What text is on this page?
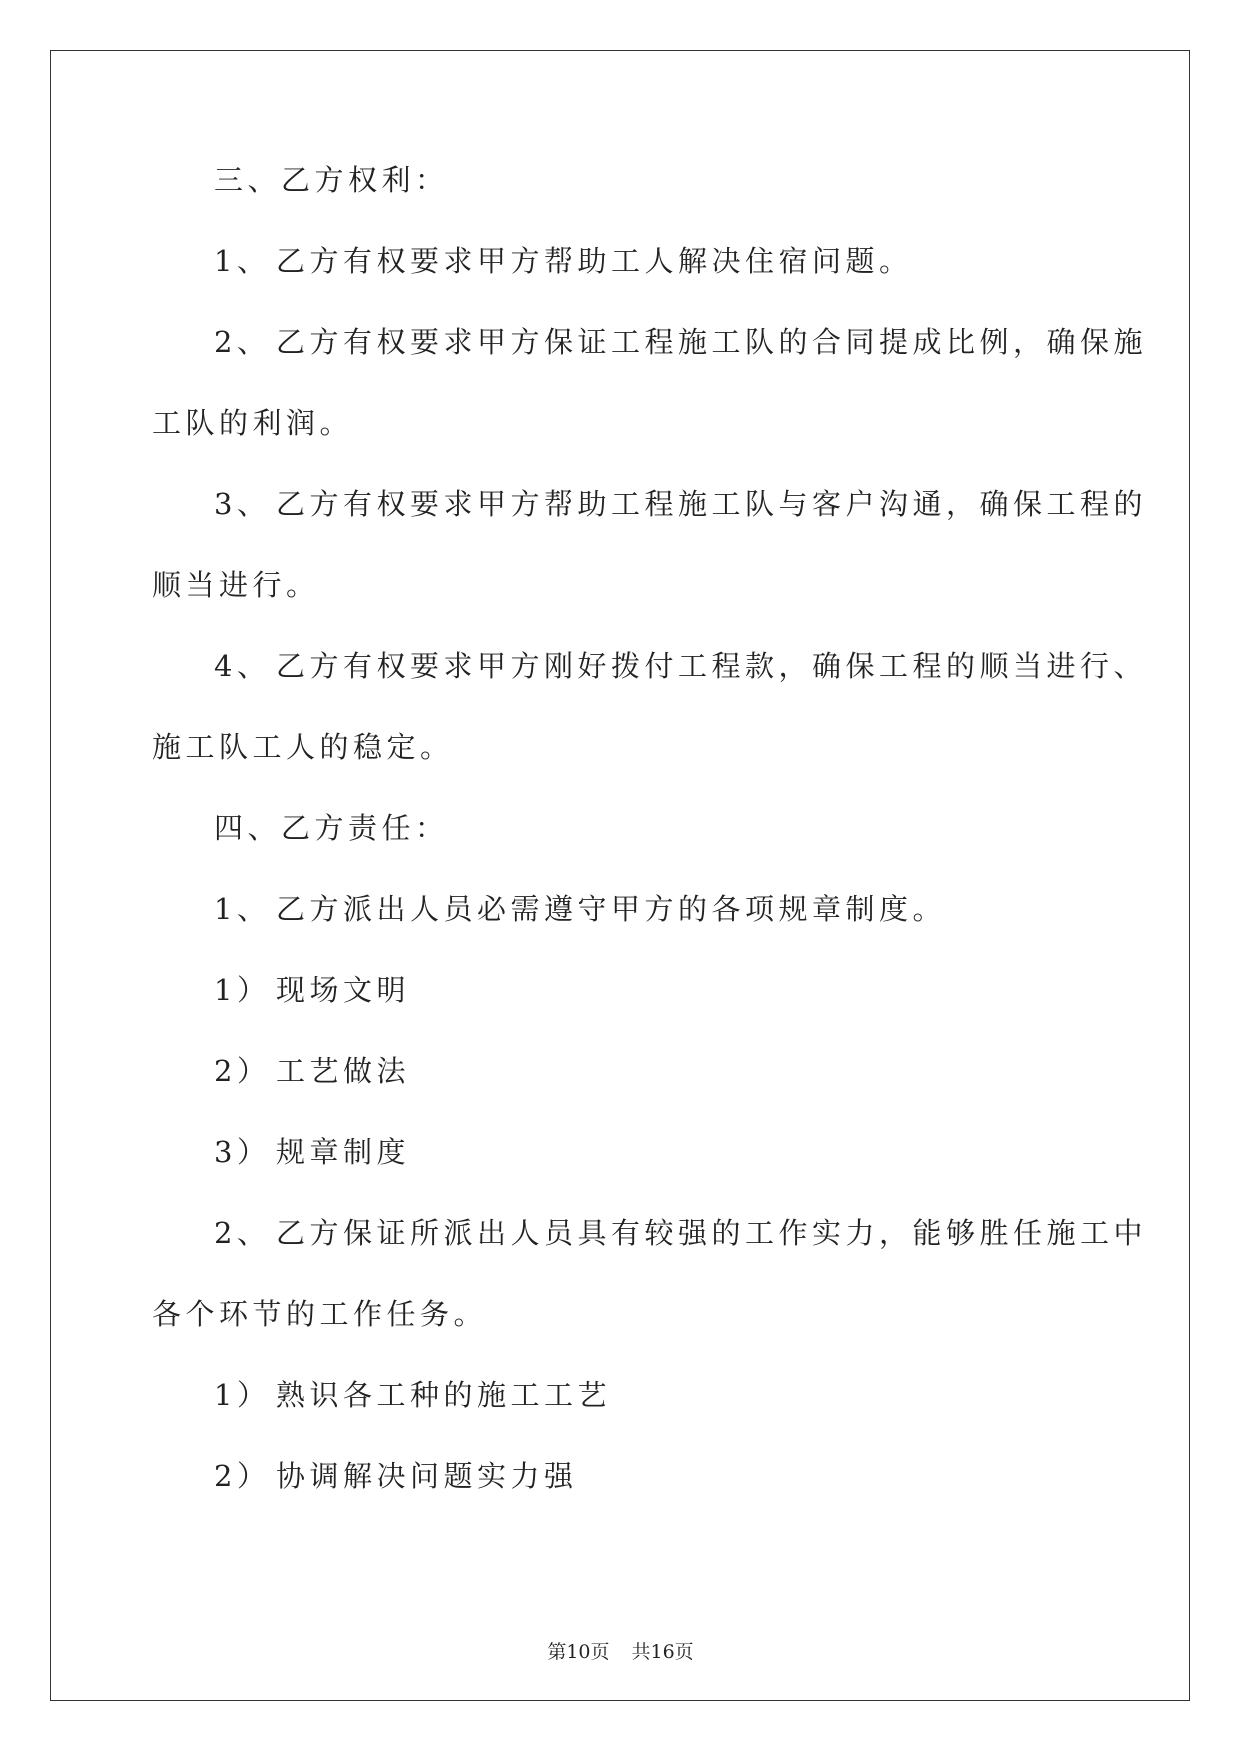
三、乙方权利：
1、 乙方有权要求甲方帮助工人解决住宿问题。
2、 乙方有权要求甲方保证工程施工队的合同提成比例，确保施
工队的利润。
3、 乙方有权要求甲方帮助工程施工队与客户沟通，确保工程的
顺当进行。
4、 乙方有权要求甲方刚好拨付工程款，确保工程的顺当进行、
施工队工人的稳定。
四、乙方责任：
1、 乙方派出人员必需遵守甲方的各项规章制度。
1） 现场文明
2） 工艺做法
3） 规章制度
2、 乙方保证所派出人员具有较强的工作实力，能够胜任施工中
各个环节的工作任务。
1） 熟识各工种的施工工艺
2） 协调解决问题实力强
第10页 共16页
